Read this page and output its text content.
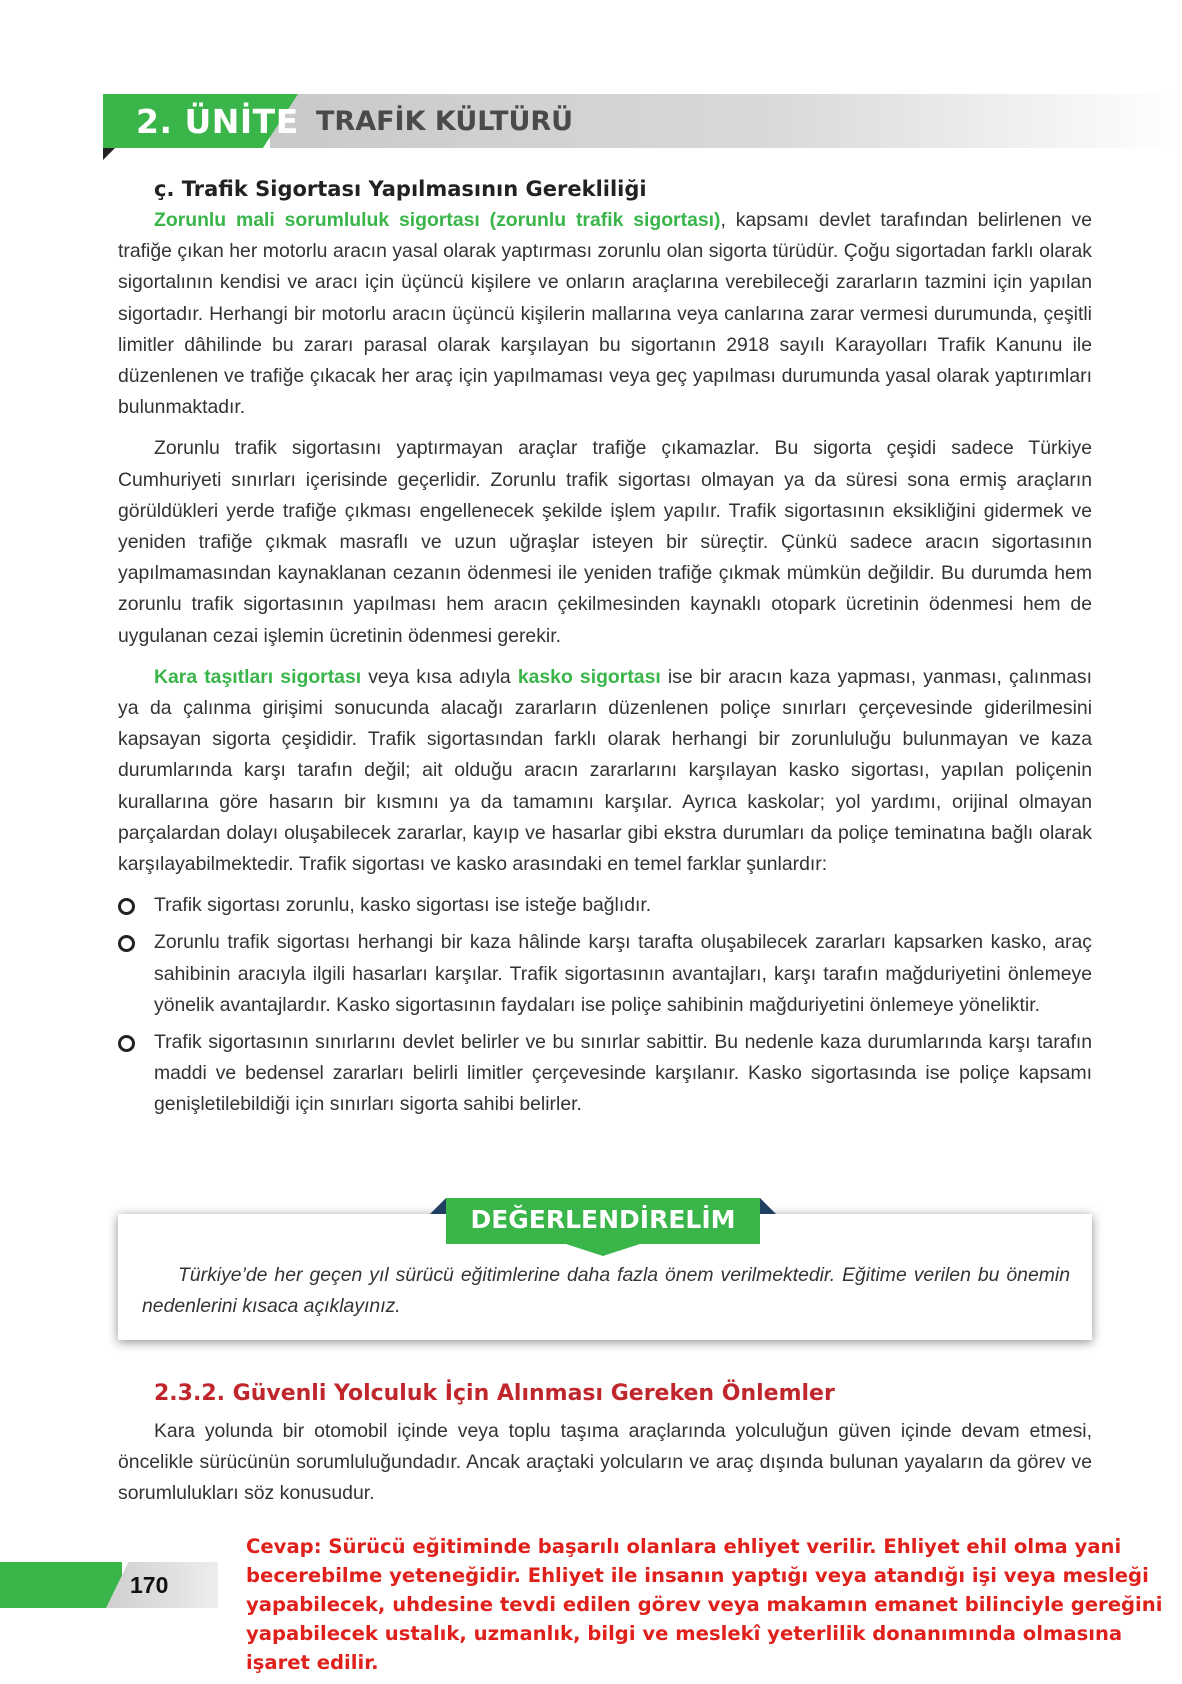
2. ÜNİTE TRAFİK KÜLTÜRÜ
ç. Trafik Sigortası Yapılmasının Gerekliliği

Zorunlu mali sorumluluk sigortası (zorunlu trafik sigortası), kapsamı devlet tarafından belirlenen ve trafiğe çıkan her motorlu aracın yasal olarak yaptırması zorunlu olan sigorta türüdür. Çoğu sigortadan farklı olarak sigortalının kendisi ve aracı için üçüncü kişilere ve onların araçlarına verebileceği zararların tazmini için yapılan sigortadır. Herhangi bir motorlu aracın üçüncü kişilerin mallarına veya canlarına zarar vermesi durumunda, çeşitli limitler dâhilinde bu zararı parasal olarak karşılayan bu sigortanın 2918 sayılı Karayolları Trafik Kanunu ile düzenlenen ve trafiğe çıkacak her araç için yapılmaması veya geç yapılması durumunda yasal olarak yaptırımları bulunmaktadır.

Zorunlu trafik sigortasını yaptırmayan araçlar trafiğe çıkamazlar. Bu sigorta çeşidi sadece Türkiye Cumhuriyeti sınırları içerisinde geçerlidir. Zorunlu trafik sigortası olmayan ya da süresi sona ermiş araçların görüldükleri yerde trafiğe çıkması engellenecek şekilde işlem yapılır. Trafik sigortasının eksikliğini gidermek ve yeniden trafiğe çıkmak masraflı ve uzun uğraşlar isteyen bir süreçtir. Çünkü sadece aracın sigortasının yapılmamasından kaynaklanan cezanın ödenmesi ile yeniden trafiğe çıkmak mümkün değildir. Bu durumda hem zorunlu trafik sigortasının yapılması hem aracın çekilmesinden kaynaklı otopark ücretinin ödenmesi hem de uygulanan cezai işlemin ücretinin ödenmesi gerekir.

Kara taşıtları sigortası veya kısa adıyla kasko sigortası ise bir aracın kaza yapması, yanması, çalınması ya da çalınma girişimi sonucunda alacağı zararların düzenlenen poliçe sınırları çerçevesinde giderilmesini kapsayan sigorta çeşididir. Trafik sigortasından farklı olarak herhangi bir zorunluluğu bulunmayan ve kaza durumlarında karşı tarafın değil; ait olduğu aracın zararlarını karşılayan kasko sigortası, yapılan poliçenin kurallarına göre hasarın bir kısmını ya da tamamını karşılar. Ayrıca kaskolar; yol yardımı, orijinal olmayan parçalardan dolayı oluşabilecek zararlar, kayıp ve hasarlar gibi ekstra durumları da poliçe teminatına bağlı olarak karşılayabilmektedir. Trafik sigortası ve kasko arasındaki en temel farklar şunlardır:

Trafik sigortası zorunlu, kasko sigortası ise isteğe bağlıdır.
Zorunlu trafik sigortası herhangi bir kaza hâlinde karşı tarafta oluşabilecek zararları kapsarken kasko, araç sahibinin aracıyla ilgili hasarları karşılar. Trafik sigortasının avantajları, karşı tarafın mağduriyetini önlemeye yönelik avantajlardır. Kasko sigortasının faydaları ise poliçe sahibinin mağduriyetini önlemeye yöneliktir.
Trafik sigortasının sınırlarını devlet belirler ve bu sınırlar sabittir. Bu nedenle kaza durumlarında karşı tarafın maddi ve bedensel zararları belirli limitler çerçevesinde karşılanır. Kasko sigortasında ise poliçe kapsamı genişletilebildiği için sınırları sigorta sahibi belirler.
DEĞERLENDİRELİM

Türkiye’de her geçen yıl sürücü eğitimlerine daha fazla önem verilmektedir. Eğitime verilen bu önemin nedenlerini kısaca açıklayınız.

2.3.2. Güvenli Yolculuk İçin Alınması Gereken Önlemler

Kara yolunda bir otomobil içinde veya toplu taşıma araçlarında yolculuğun güven içinde devam etmesi, öncelikle sürücünün sorumluluğundadır. Ancak araçtaki yolcuların ve araç dışında bulunan yayaların da görev ve sorumlulukları söz konusudur.

170

Cevap: Sürücü eğitiminde başarılı olanlara ehliyet verilir. Ehliyet ehil olma yani becerebilme yeteneğidir. Ehliyet ile insanın yaptığı veya atandığı işi veya mesleği yapabilecek, uhdesine tevdi edilen görev veya makamın emanet bilinciyle gereğini yapabilecek ustalık, uzmanlık, bilgi ve meslekî yeterlilik donanımında olmasına işaret edilir.
